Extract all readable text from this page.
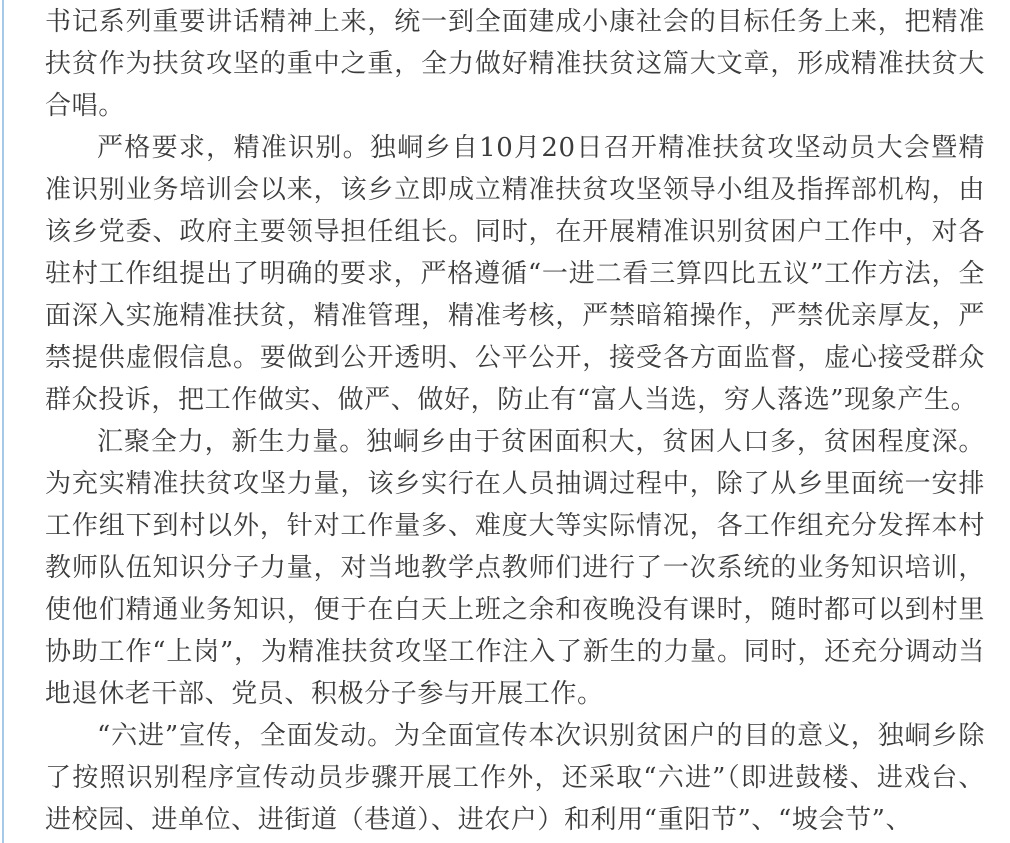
书记系列重要讲话精神上来，统一到全面建成小康社会的目标任务上来，把精准扶贫作为扶贫攻坚的重中之重，全力做好精准扶贫这篇大文章，形成精准扶贫大合唱。

严格要求，精准识别。独峒乡自10月20日召开精准扶贫攻坚动员大会暨精准识别业务培训会以来，该乡立即成立精准扶贫攻坚领导小组及指挥部机构，由该乡党委、政府主要领导担任组长。同时，在开展精准识别贫困户工作中，对各驻村工作组提出了明确的要求，严格遵循“一进二看三算四比五议”工作方法，全面深入实施精准扶贫，精准管理，精准考核，严禁暗箱操作，严禁优亲厚友，严禁提供虚假信息。要做到公开透明、公平公开，接受各方面监督，虚心接受群众群众投诉，把工作做实、做严、做好，防止有“富人当选，穷人落选”现象产生。

汇聚全力，新生力量。独峒乡由于贫困面积大，贫困人口多，贫困程度深。为充实精准扶贫攻坚力量，该乡实行在人员抽调过程中，除了从乡里面统一安排工作组下到村以外，针对工作量多、难度大等实际情况，各工作组充分发挥本村教师队伍知识分子力量，对当地教学点教师们进行了一次系统的业务知识培训，使他们精通业务知识，便于在白天上班之余和夜晚没有课时，随时都可以到村里协助工作“上岗”，为精准扶贫攻坚工作注入了新生的力量。同时，还充分调动当地退休老干部、党员、积极分子参与开展工作。

“六进”宣传，全面发动。为全面宣传本次识别贫困户的目的意义，独峒乡除了按照识别程序宣传动员步骤开展工作外，还采取“六进”（即进鼓楼、进戏台、进校园、进单位、进街道（巷道）、进农户）和利用“重阳节”、“坡会节”、
